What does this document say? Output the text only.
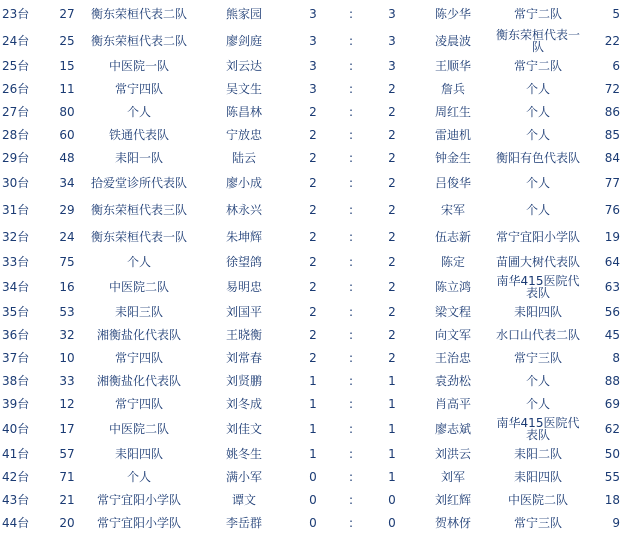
23台	27	衡东荣桓代表二队	熊家园	3	:	3	陈少华	常宁二队	5
24台	25	衡东荣桓代表二队	廖剑庭	3	:	3	凌晨波	衡东荣桓代表一队	22
25台	15	中医院一队	刘云达	3	:	3	王顺华	常宁二队	6
26台	11	常宁四队	吴文生	3	:	2	詹兵	个人	72
27台	80	个人	陈昌林	2	:	2	周红生	个人	86
28台	60	铁通代表队	宁放忠	2	:	2	雷迪机	个人	85
29台	48	耒阳一队	陆云	2	:	2	钟金生	衡阳有色代表队	84
30台	34	拾爱堂诊所代表队	廖小成	2	:	2	吕俊华	个人	77
31台	29	衡东荣桓代表三队	林永兴	2	:	2	宋军	个人	76
32台	24	衡东荣桓代表一队	朱坤辉	2	:	2	伍志新	常宁宜阳小学队	19
33台	75	个人	徐望鸽	2	:	2	陈定	苗圃大树代表队	64
34台	16	中医院二队	易明忠	2	:	2	陈立鸿	南华415医院代表队	63
35台	53	耒阳三队	刘国平	2	:	2	梁文程	耒阳四队	56
36台	32	湘衡盐化代表队	王晓衡	2	:	2	向文军	水口山代表二队	45
37台	10	常宁四队	刘常春	2	:	2	王治忠	常宁三队	8
38台	33	湘衡盐化代表队	刘贤鹏	1	:	1	袁劲松	个人	88
39台	12	常宁四队	刘冬成	1	:	1	肖高平	个人	69
40台	17	中医院二队	刘佳文	1	:	1	廖志斌	南华415医院代表队	62
41台	57	耒阳四队	姚冬生	1	:	1	刘洪云	耒阳二队	50
42台	71	个人	满小军	0	:	1	刘军	耒阳四队	55
43台	21	常宁宜阳小学队	谭文	0	:	0	刘红辉	中医院二队	18
44台	20	常宁宜阳小学队	李岳群	0	:	0	贺林伢	常宁三队	9
